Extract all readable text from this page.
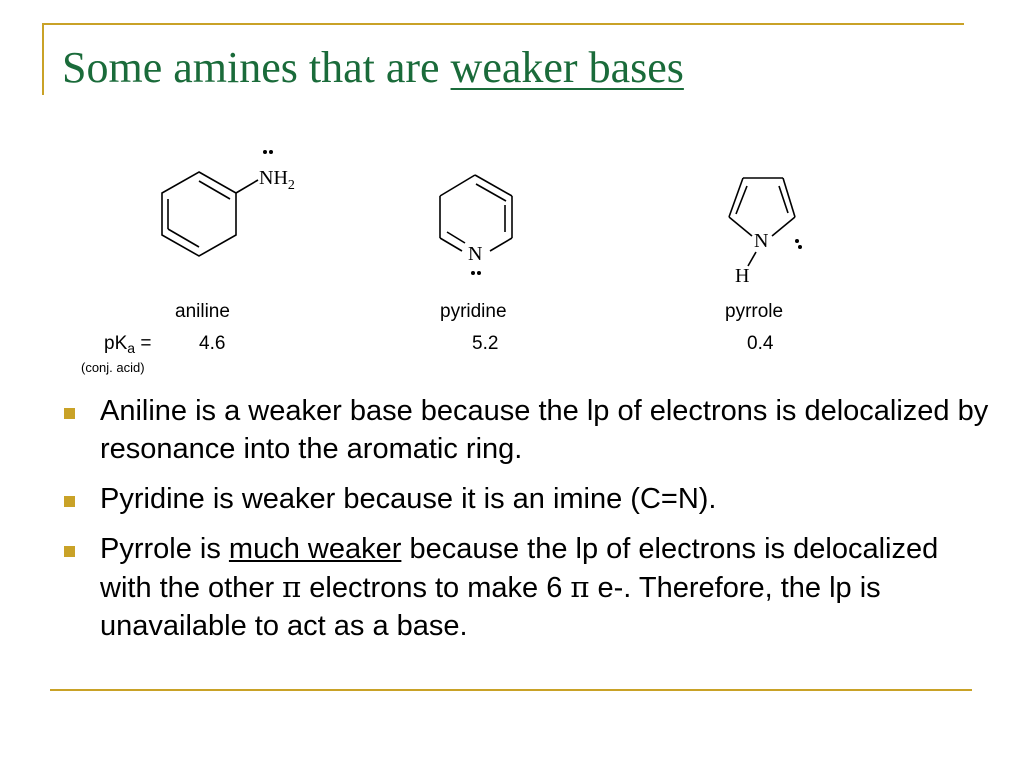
Some amines that are weaker bases
$NH_2$
N
N
H
aniline	pyridine	pyrrole
$pK_a$ =	4.6	5.2	0.4
(conj. acid)
Aniline is a weaker base because the lp of electrons is delocalized by resonance into the aromatic ring.
Pyridine is weaker because it is an imine (C=N).
Pyrrole is much weaker because the lp of electrons is delocalized with the other π electrons to make 6 π e-. Therefore, the lp is unavailable to act as a base.
